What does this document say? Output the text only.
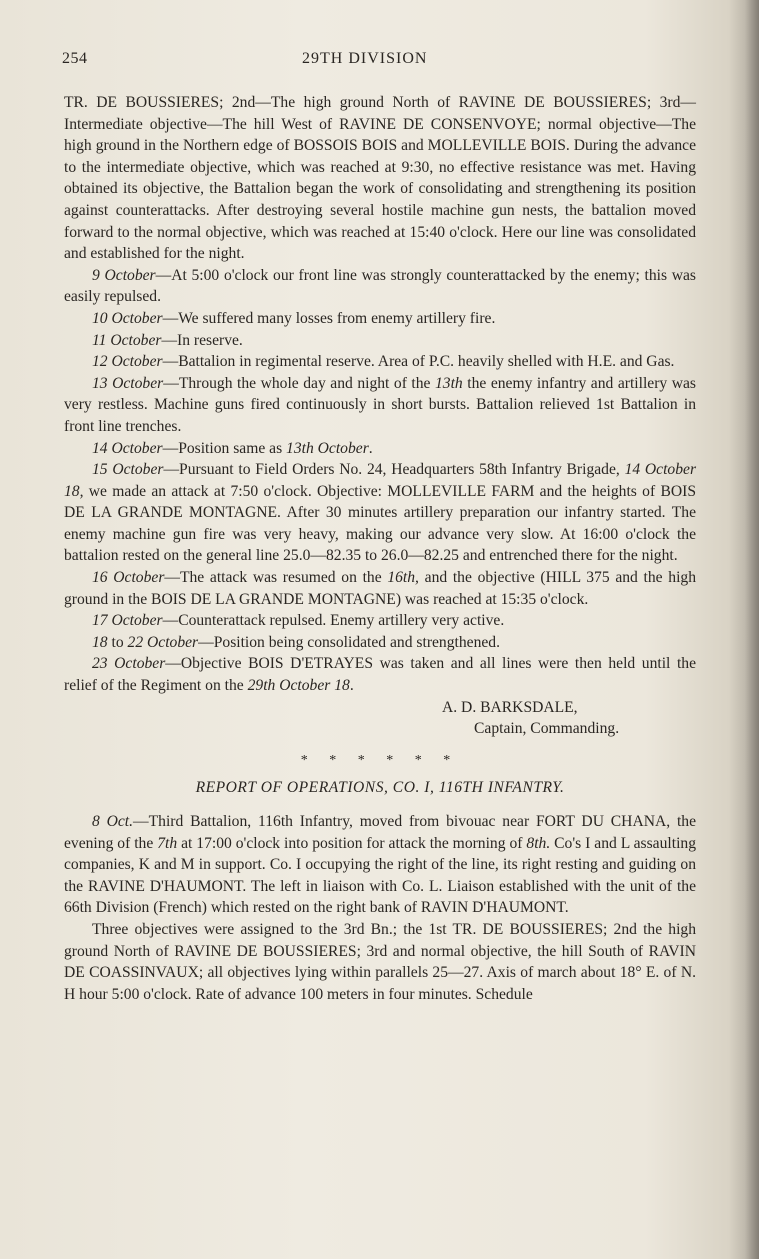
254	29TH DIVISION

TR. DE BOUSSIERES; 2nd—The high ground North of RAVINE DE BOUSSIERES; 3rd—Intermediate objective—The hill West of RAVINE DE CONSENVOYE; normal objective—The high ground in the Northern edge of BOSSOIS BOIS and MOLLEVILLE BOIS. During the advance to the intermediate objective, which was reached at 9:30, no effective resistance was met. Having obtained its objective, the Battalion began the work of consolidating and strengthening its position against counterattacks. After destroying several hostile machine gun nests, the battalion moved forward to the normal objective, which was reached at 15:40 o'clock. Here our line was consolidated and established for the night.

9 October—At 5:00 o'clock our front line was strongly counterattacked by the enemy; this was easily repulsed.

10 October—We suffered many losses from enemy artillery fire.

11 October—In reserve.

12 October—Battalion in regimental reserve. Area of P.C. heavily shelled with H.E. and Gas.

13 October—Through the whole day and night of the 13th the enemy infantry and artillery was very restless. Machine guns fired continuously in short bursts. Battalion relieved 1st Battalion in front line trenches.

14 October—Position same as 13th October.

15 October—Pursuant to Field Orders No. 24, Headquarters 58th Infantry Brigade, 14 October 18, we made an attack at 7:50 o'clock. Objective: MOLLEVILLE FARM and the heights of BOIS DE LA GRANDE MONTAGNE. After 30 minutes artillery preparation our infantry started. The enemy machine gun fire was very heavy, making our advance very slow. At 16:00 o'clock the battalion rested on the general line 25.0—82.35 to 26.0—82.25 and entrenched there for the night.

16 October—The attack was resumed on the 16th, and the objective (HILL 375 and the high ground in the BOIS DE LA GRANDE MONTAGNE) was reached at 15:35 o'clock.

17 October—Counterattack repulsed. Enemy artillery very active.

18 to 22 October—Position being consolidated and strengthened.

23 October—Objective BOIS D'ETRAYES was taken and all lines were then held until the relief of the Regiment on the 29th October 18.

A. D. BARKSDALE,
Captain, Commanding.
* * * * * *
REPORT OF OPERATIONS, CO. I, 116TH INFANTRY.

8 Oct.—Third Battalion, 116th Infantry, moved from bivouac near FORT DU CHANA, the evening of the 7th at 17:00 o'clock into position for attack the morning of 8th. Co's I and L assaulting companies, K and M in support. Co. I occupying the right of the line, its right resting and guiding on the RAVINE D'HAUMONT. The left in liaison with Co. L. Liaison established with the unit of the 66th Division (French) which rested on the right bank of RAVIN D'HAUMONT.

Three objectives were assigned to the 3rd Bn.; the 1st TR. DE BOUSSIERES; 2nd the high ground North of RAVINE DE BOUSSIERES; 3rd and normal objective, the hill South of RAVIN DE COASSINVAUX; all objectives lying within parallels 25—27. Axis of march about 18° E. of N. H hour 5:00 o'clock. Rate of advance 100 meters in four minutes. Schedule
